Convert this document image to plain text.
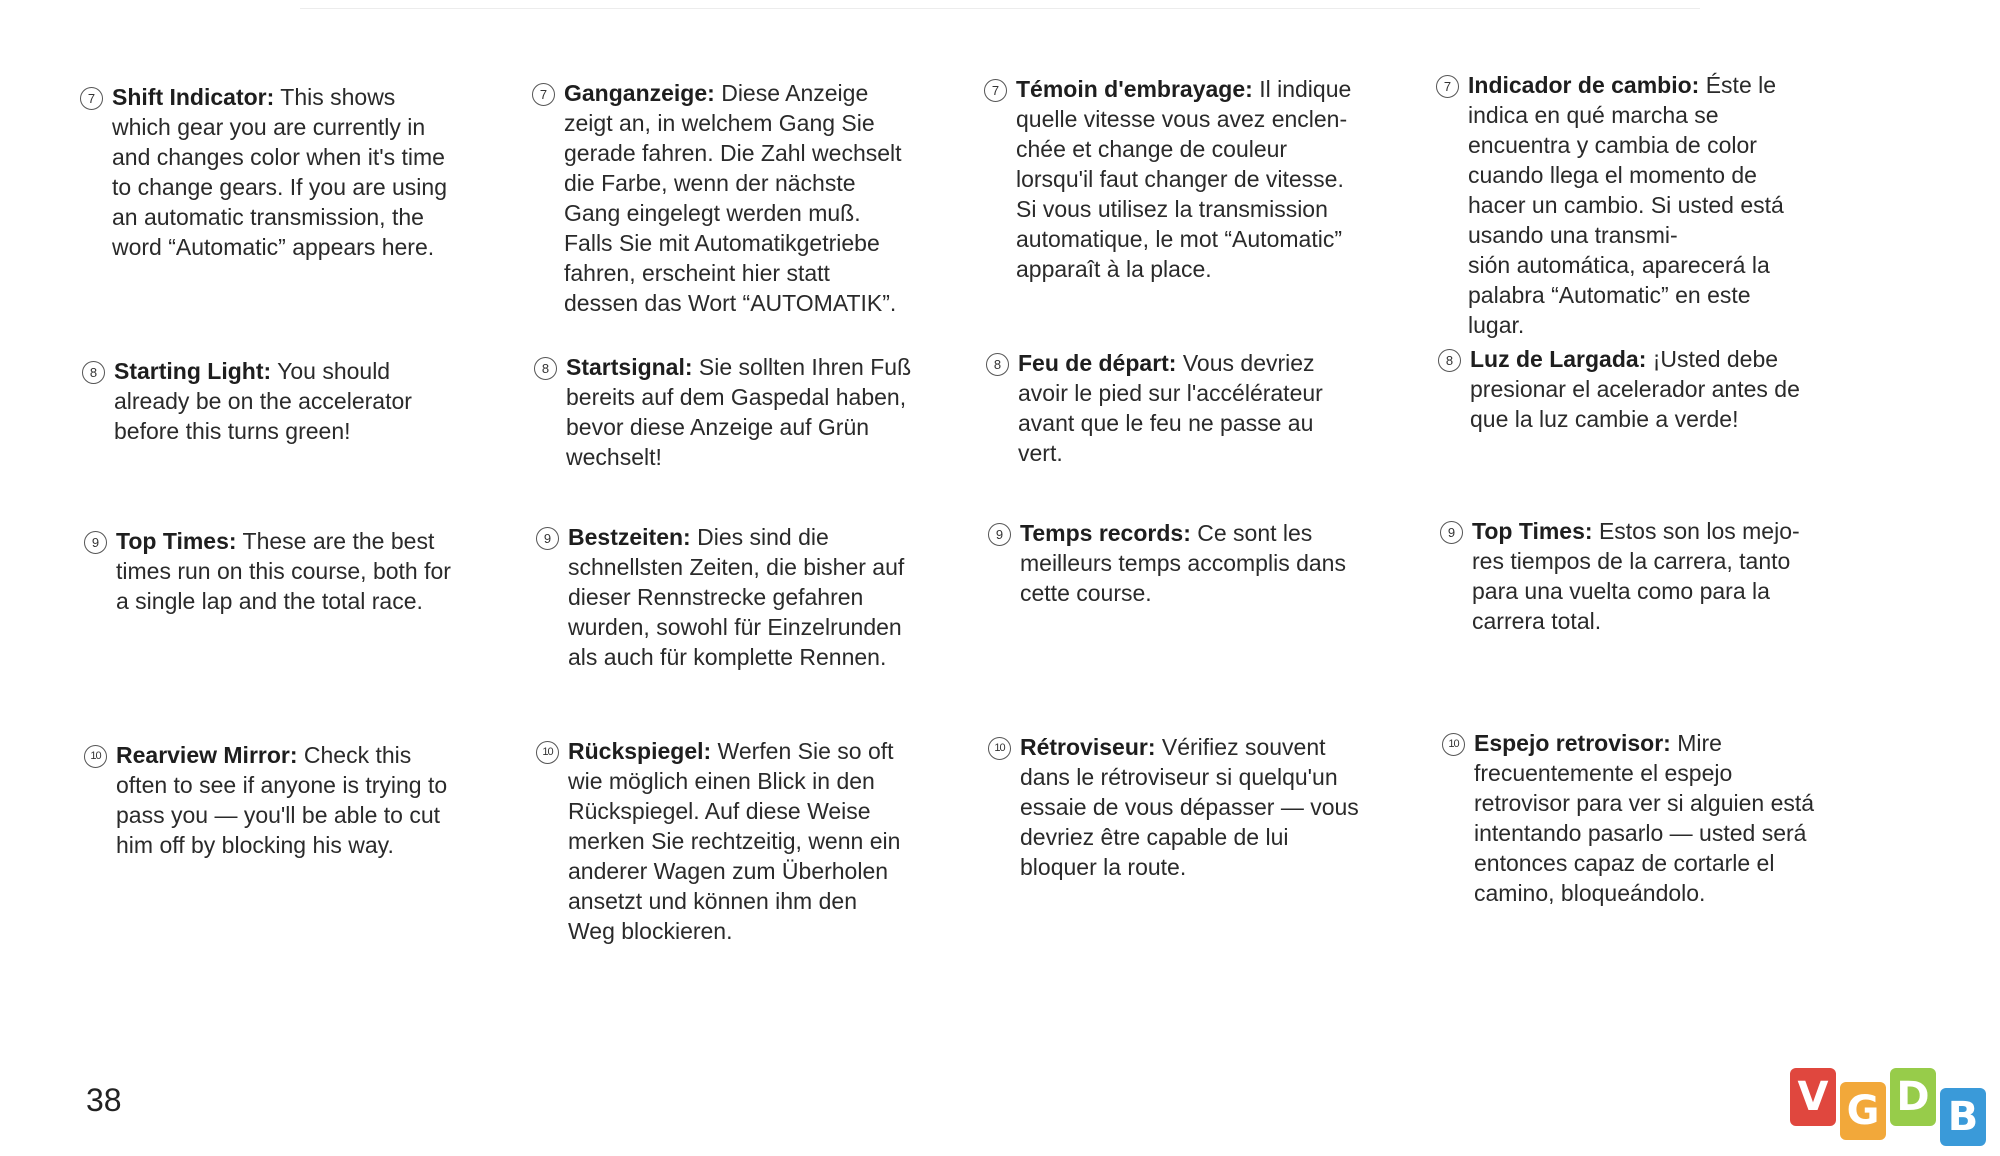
7 Shift Indicator: This shows
which gear you are currently in
and changes color when it's time
to change gears. If you are using
an automatic transmission, the
word “Automatic” appears here.
8 Starting Light: You should
already be on the accelerator
before this turns green!
9 Top Times: These are the best
times run on this course, both for
a single lap and the total race.
10 Rearview Mirror: Check this
often to see if anyone is trying to
pass you — you'll be able to cut
him off by blocking his way.
7 Ganganzeige: Diese Anzeige
zeigt an, in welchem Gang Sie
gerade fahren. Die Zahl wechselt
die Farbe, wenn der nächste
Gang eingelegt werden muß.
Falls Sie mit Automatikgetriebe
fahren, erscheint hier statt
dessen das Wort “AUTOMATIK”.
8 Startsignal: Sie sollten Ihren Fuß
bereits auf dem Gaspedal haben,
bevor diese Anzeige auf Grün
wechselt!
9 Bestzeiten: Dies sind die
schnellsten Zeiten, die bisher auf
dieser Rennstrecke gefahren
wurden, sowohl für Einzelrunden
als auch für komplette Rennen.
10 Rückspiegel: Werfen Sie so oft
wie möglich einen Blick in den
Rückspiegel. Auf diese Weise
merken Sie rechtzeitig, wenn ein
anderer Wagen zum Überholen
ansetzt und können ihm den
Weg blockieren.
7 Témoin d'embrayage: Il indique
quelle vitesse vous avez enclen-
chée et change de couleur
lorsqu'il faut changer de vitesse.
Si vous utilisez la transmission
automatique, le mot “Automatic”
apparaît à la place.
8 Feu de départ: Vous devriez
avoir le pied sur l'accélérateur
avant que le feu ne passe au
vert.
9 Temps records: Ce sont les
meilleurs temps accomplis dans
cette course.
10 Rétroviseur: Vérifiez souvent
dans le rétroviseur si quelqu'un
essaie de vous dépasser — vous
devriez être capable de lui
bloquer la route.
7 Indicador de cambio: Éste le
indica en qué marcha se
encuentra y cambia de color
cuando llega el momento de
hacer un cambio. Si usted está
usando una transmi-
sión automática, aparecerá la
palabra “Automatic” en este
lugar.
8 Luz de Largada: ¡Usted debe
presionar el acelerador antes de
que la luz cambie a verde!
9 Top Times: Estos son los mejo-
res tiempos de la carrera, tanto
para una vuelta como para la
carrera total.
10 Espejo retrovisor: Mire
frecuentemente el espejo
retrovisor para ver si alguien está
intentando pasarlo — usted será
entonces capaz de cortarle el
camino, bloqueándolo.
38	V G D B
